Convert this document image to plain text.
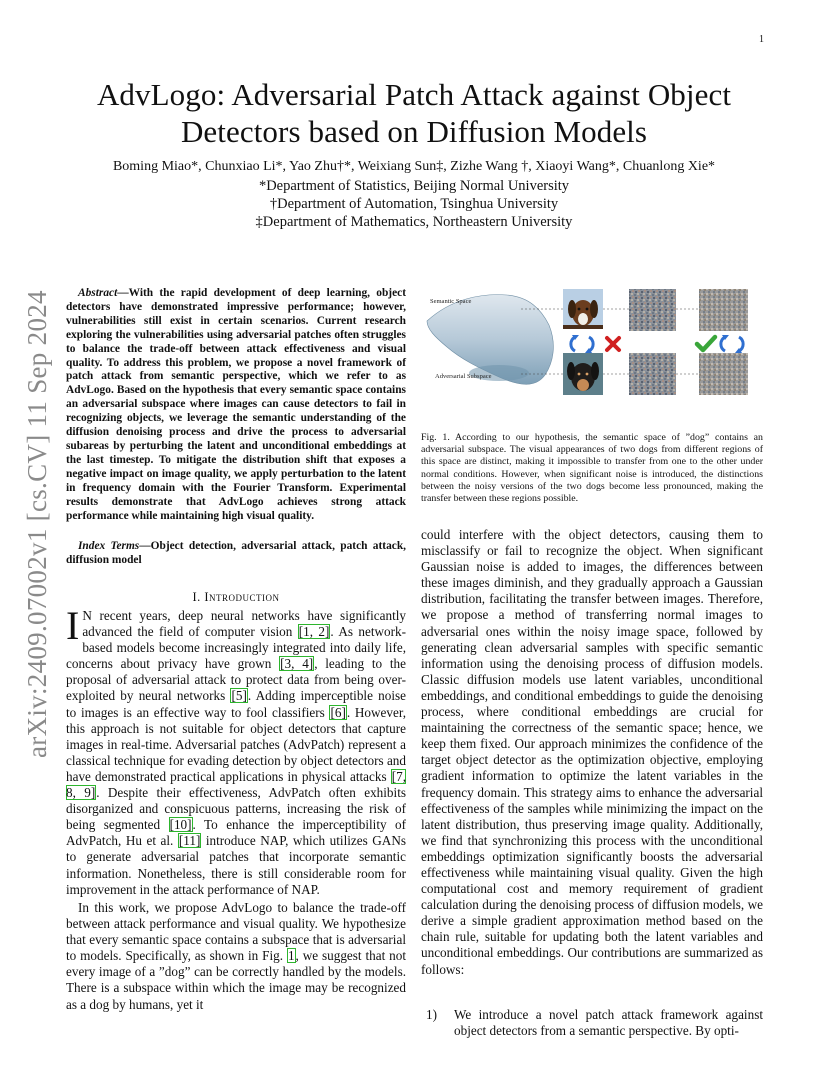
1
AdvLogo: Adversarial Patch Attack against Object Detectors based on Diffusion Models
Boming Miao*, Chunxiao Li*, Yao Zhu†*, Weixiang Sun‡, Zizhe Wang †, Xiaoyi Wang*, Chuanlong Xie*
*Department of Statistics, Beijing Normal University
†Department of Automation, Tsinghua University
‡Department of Mathematics, Northeastern University
arXiv:2409.07002v1 [cs.CV] 11 Sep 2024	Abstract—With the rapid development of deep learning, object detectors have demonstrated impressive performance; however, vulnerabilities still exist in certain scenarios. Current research exploring the vulnerabilities using adversarial patches often struggles to balance the trade-off between attack effectiveness and visual quality. To address this problem, we propose a novel framework of patch attack from semantic perspective, which we refer to as AdvLogo. Based on the hypothesis that every semantic space contains an adversarial subspace where images can cause detectors to fail in recognizing objects, we leverage the semantic understanding of the diffusion denoising process and drive the process to adversarial subareas by perturbing the latent and unconditional embeddings at the last timestep. To mitigate the distribution shift that exposes a negative impact on image quality, we apply perturbation to the latent in frequency domain with the Fourier Transform. Experimental results demonstrate that AdvLogo achieves strong attack performance while maintaining high visual quality.

Index Terms—Object detection, adversarial attack, patch attack, diffusion model

I. Introduction

I N recent years, deep neural networks have significantly advanced the field of computer vision [1, 2]. As network-based models become increasingly integrated into daily life, concerns about privacy have grown [3, 4], leading to the proposal of adversarial attack to protect data from being over-exploited by neural networks [5]. Adding imperceptible noise to images is an effective way to fool classifiers [6]. However, this approach is not suitable for object detectors that capture images in real-time. Adversarial patches (AdvPatch) represent a classical technique for evading detection by object detectors and have demonstrated practical applications in physical attacks [7, 8, 9]. Despite their effectiveness, AdvPatch often exhibits disorganized and conspicuous patterns, increasing the risk of being segmented [10]. To enhance the imperceptibility of AdvPatch, Hu et al. [11] introduce NAP, which utilizes GANs to generate adversarial patches that incorporate semantic information. Nonetheless, there is still considerable room for improvement in the attack performance of NAP.

In this work, we propose AdvLogo to balance the trade-off between attack performance and visual quality. We hypothesize that every semantic space contains a subspace that is adversarial to models. Specifically, as shown in Fig. 1, we suggest that not every image of a ”dog” can be correctly handled by the models. There is a subspace within which the image may be recognized as a dog by humans, yet it

Semantic Space
Adversarial Subspace

Fig. 1. According to our hypothesis, the semantic space of ”dog” contains an adversarial subspace. The visual appearances of two dogs from different regions of this space are distinct, making it impossible to transfer from one to the other under normal conditions. However, when significant noise is introduced, the distinctions between the noisy versions of the two dogs become less pronounced, making the transfer between these regions possible.

could interfere with the object detectors, causing them to misclassify or fail to recognize the object. When significant Gaussian noise is added to images, the differences between these images diminish, and they gradually approach a Gaussian distribution, facilitating the transfer between images. Therefore, we propose a method of transferring normal images to adversarial ones within the noisy image space, followed by generating clean adversarial samples with specific semantic information using the denoising process of diffusion models. Classic diffusion models use latent variables, unconditional embeddings, and conditional embeddings to guide the denoising process, where conditional embeddings are crucial for maintaining the correctness of the semantic space; hence, we keep them fixed. Our approach minimizes the confidence of the target object detector as the optimization objective, employing gradient information to optimize the latent variables in the frequency domain. This strategy aims to enhance the adversarial effectiveness of the samples while minimizing the impact on the latent distribution, thus preserving image quality. Additionally, we find that synchronizing this process with the unconditional embeddings optimization significantly boosts the adversarial effectiveness while maintaining visual quality. Given the high computational cost and memory requirement of gradient calculation during the denoising process of diffusion models, we derive a simple gradient approximation method based on the chain rule, suitable for updating both the latent variables and unconditional embeddings. Our contributions are summarized as follows:

1) We introduce a novel patch attack framework against object detectors from a semantic perspective. By opti-
